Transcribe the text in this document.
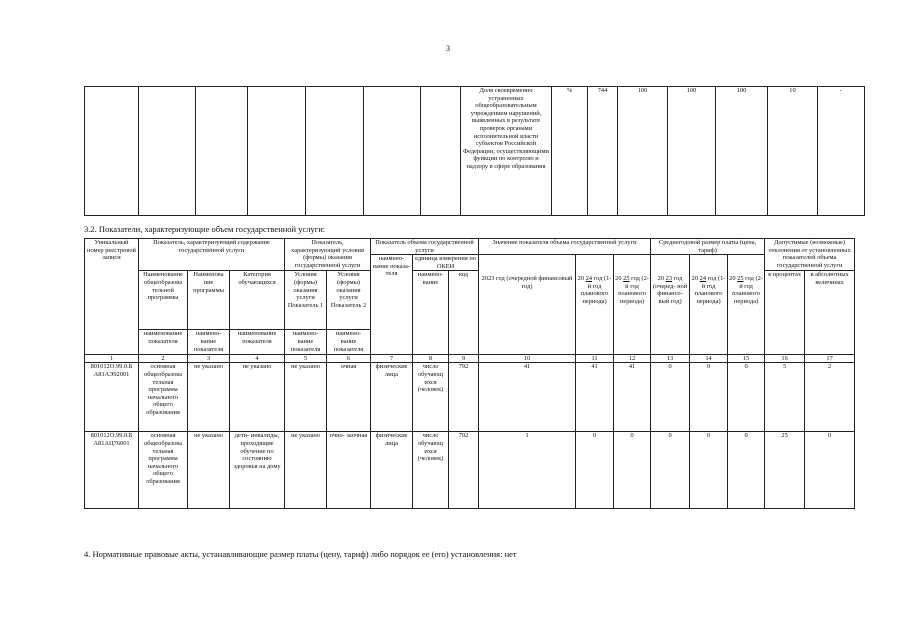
3
							Доля своевременно устраненных общеобразовательным учреждением нарушений, выявленных в результате проверок органами исполнительной власти субъектов Российской Федерации, осуществляющими функции по контролю и надзору в сфере образования	%	744	100	100	100	10	-
3.2. Показатели, характеризующие объем государственной услуги:
Уникальный номер реестровой записи	Показатель, характеризующий содержание государственной услуги			Показатель, характеризующий условия (формы) оказания государственной услуги		Показатель объема государственной услуги			Значение показателя объема государственной услуги			Среднегодовой размер платы (цена, тариф)			Допустимые (возможные) отклонения от установленных показателей объема государственной услуги	
						наимено- вание показа- теля	единица измерения по ОКЕИ		2023 год (очередной финансовый год)	20 24 год (1-й год планового периода)	20 25 год (2-й год планового периода)	20 23 год (очеред- ной финансо- вый год)	20 24 год (1-й год планового периода)	20 25 год (2-й год планового периода)		
	Наименование общеобразова тельной программы	Наименова ние программы	Категория обучающихся	Условия (формы) оказания услуги Показатель 1	Условия (формы) оказания услуги Показатель 2		наимено- вание	код							в процентах	в абсолютных величинах
	наименование показателя	наимено- вание показателя	наименование показателя	наимено- вание показателя	наимено- вание показателя											
1	2	3	4	5	6	7	8	9	10	11	12	13	14	15	16	17
801012О.99.0.Б А81АЭ92001	основная общеобразова тельная программа начального общего образования	не указано	не указано	не указано	очная	физические лица	число обучающ ихся (человек)	792	41	41	41	0	0	0	5	2
801012О.99.0.Б А81АЦ76001	основная общеобразова тельная программа начального общего образования	не указано	дети- инвалиды, проходящие обучение по состоянию здоровья на дому	не указано	очно- заочная	физические лица	число обучающ ихся (человек)	792	1	0	0	0	0	0	25	0
4. Нормативные правовые акты, устанавливающие размер платы (цену, тариф) либо порядок ее (его) установления: нет
